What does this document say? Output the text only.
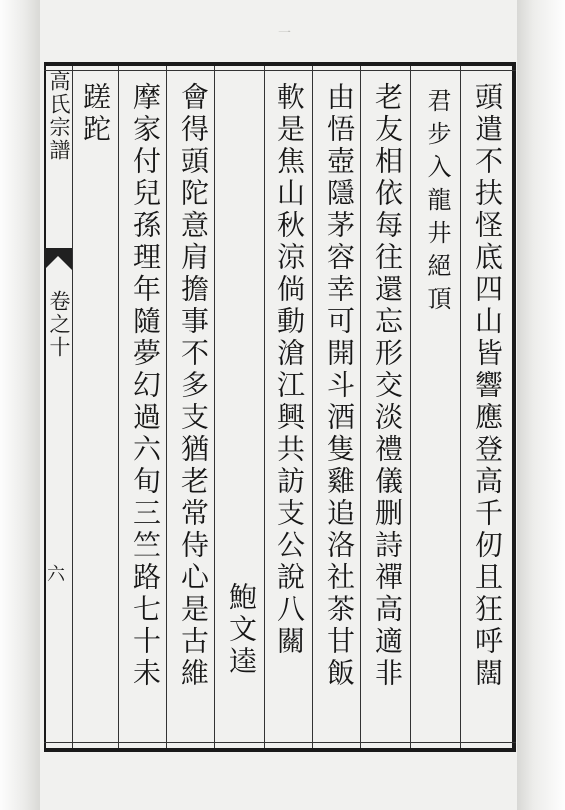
一
高氏宗譜
卷之十
六	頭遣不扶怪底四山皆響應登高千仞且狂呼闊
君步入龍井絕頂
老友相依每往還忘形交淡禮儀删詩禪高適非
由悟壺隱茅容幸可開斗酒隻雞追洛社茶甘飯
軟是焦山秋涼倘動滄江興共訪支公說八關
鮑文逵
會得頭陀意肩擔事不多支猶老常侍心是古維
摩家付兒孫理年隨夢幻過六旬三竺路七十未
蹉跎
